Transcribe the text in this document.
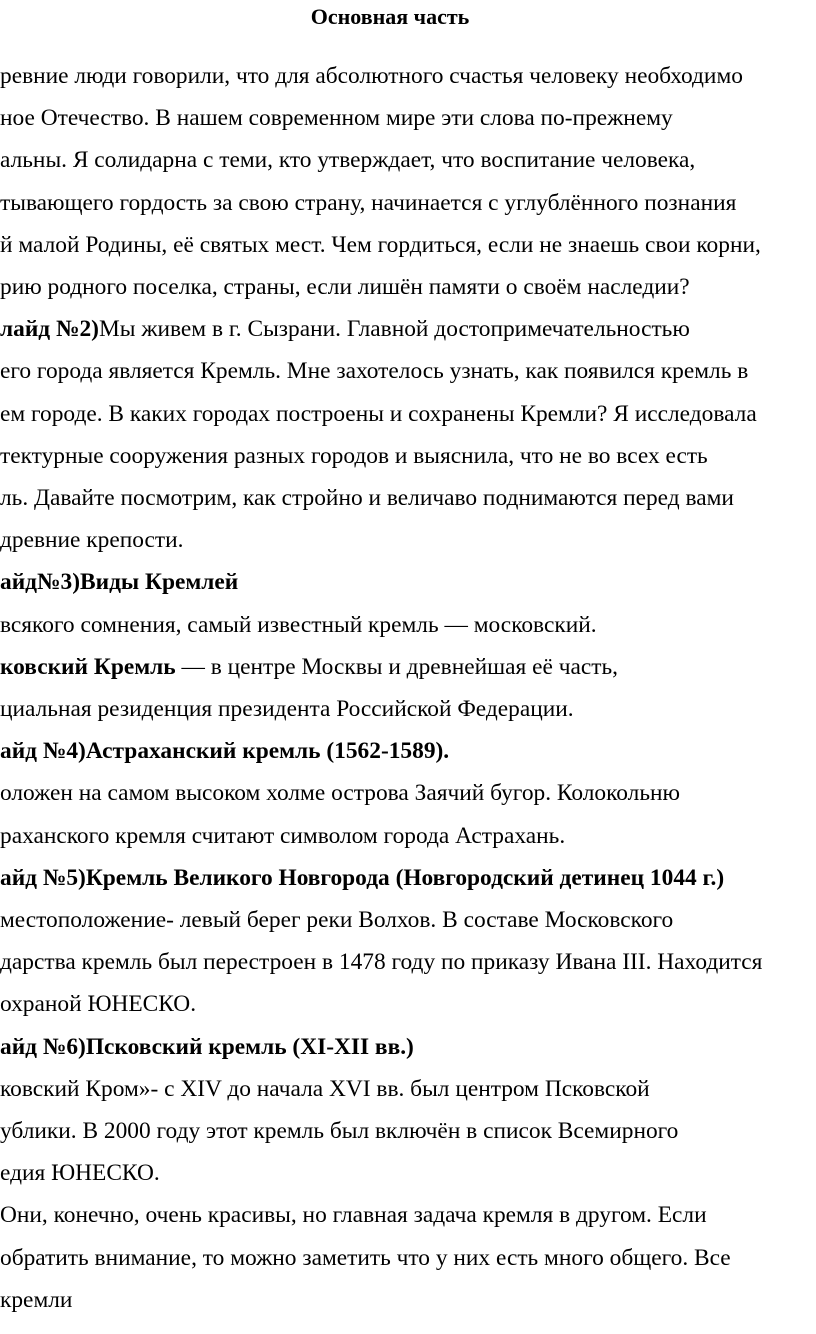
Основная часть
ревние люди говорили, что для абсолютного счастья человеку необходимо
ное Отечество. В нашем современном мире эти слова по-прежнему
альны. Я солидарна с теми, кто утверждает, что воспитание человека,
тывающего гордость за свою страну, начинается с углублённого познания
й малой Родины, её святых мест. Чем гордиться, если не знаешь свои корни,
рию родного поселка, страны, если лишён памяти о своём наследии?
лайд №2)Мы живем в г. Сызрани. Главной достопримечательностью
его города является Кремль. Мне захотелось узнать, как появился кремль в
ем городе. В каких городах построены и сохранены Кремли? Я исследовала
тектурные сооружения разных городов и выяснила, что не во всех есть
ль. Давайте посмотрим, как стройно и величаво поднимаются перед вами
древние крепости.
айд№3)Виды Кремлей
всякого сомнения, самый известный кремль — московский.
ковский Кремль — в центре Москвы и древнейшая её часть,
циальная резиденция президента Российской Федерации.
айд №4)Астраханский кремль (1562-1589).
оложен на самом высоком холме острова Заячий бугор. Колокольню
раханского кремля считают символом города Астрахань.
айд №5)Кремль Великого Новгорода (Новгородский детинец 1044 г.)
местоположение- левый берег реки Волхов. В составе Московского
дарства кремль был перестроен в 1478 году по приказу Ивана III. Находится
охраной ЮНЕСКО.
айд №6)Псковский кремль (XI-XII вв.)
ковский Кром»- с XIV до начала XVI вв. был центром Псковской
ублики. В 2000 году этот кремль был включён в список Всемирного
едия ЮНЕСКО.
Они, конечно, очень красивы, но главная задача кремля в другом. Если
обратить внимание, то можно заметить что у них есть много общего. Все
кремли
